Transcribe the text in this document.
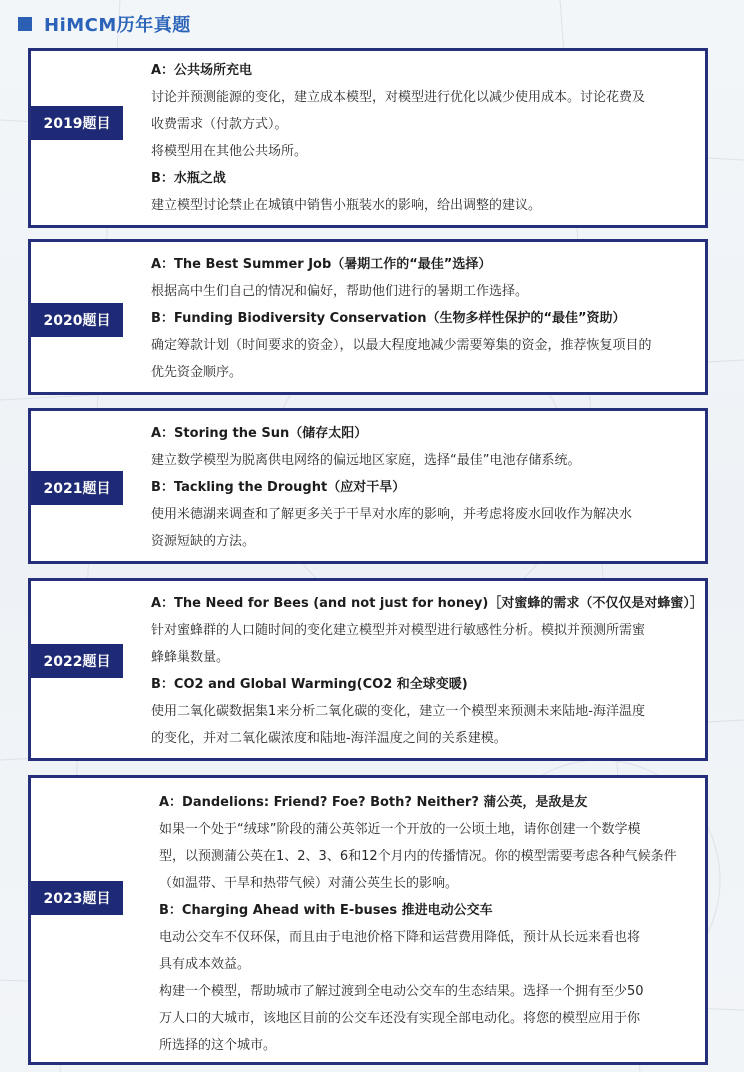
HiMCM历年真题
2019题目
A：公共场所充电
讨论并预测能源的变化，建立成本模型，对模型进行优化以减少使用成本。讨论花费及
收费需求（付款方式）。
将模型用在其他公共场所。
B：水瓶之战
建立模型讨论禁止在城镇中销售小瓶装水的影响，给出调整的建议。
2020题目
A：The Best Summer Job（暑期工作的“最佳”选择）
根据高中生们自己的情况和偏好，帮助他们进行的暑期工作选择。
B：Funding Biodiversity Conservation（生物多样性保护的“最佳”资助）
确定筹款计划（时间要求的资金），以最大程度地减少需要筹集的资金，推荐恢复项目的
优先资金顺序。
2021题目
A：Storing the Sun（储存太阳）
建立数学模型为脱离供电网络的偏远地区家庭，选择“最佳”电池存储系统。
B：Tackling the Drought（应对干旱）
使用米德湖来调查和了解更多关于干旱对水库的影响，并考虑将废水回收作为解决水
资源短缺的方法。
2022题目
A：The Need for Bees (and not just for honey)［对蜜蜂的需求（不仅仅是对蜂蜜）］
针对蜜蜂群的人口随时间的变化建立模型并对模型进行敏感性分析。模拟并预测所需蜜
蜂蜂巢数量。
B：CO2 and Global Warming(CO2 和全球变暖)
使用二氧化碳数据集1来分析二氧化碳的变化，建立一个模型来预测未来陆地-海洋温度
的变化，并对二氧化碳浓度和陆地-海洋温度之间的关系建模。
2023题目
A：Dandelions: Friend? Foe? Both? Neither? 蒲公英，是敌是友
如果一个处于“绒球”阶段的蒲公英邻近一个开放的一公顷土地，请你创建一个数学模
型，以预测蒲公英在1、2、3、6和12个月内的传播情况。你的模型需要考虑各种气候条件
（如温带、干旱和热带气候）对蒲公英生长的影响。
B：Charging Ahead with E-buses 推进电动公交车
电动公交车不仅环保，而且由于电池价格下降和运营费用降低，预计从长远来看也将
具有成本效益。
构建一个模型，帮助城市了解过渡到全电动公交车的生态结果。选择一个拥有至少50
万人口的大城市，该地区目前的公交车还没有实现全部电动化。将您的模型应用于你
所选择的这个城市。
